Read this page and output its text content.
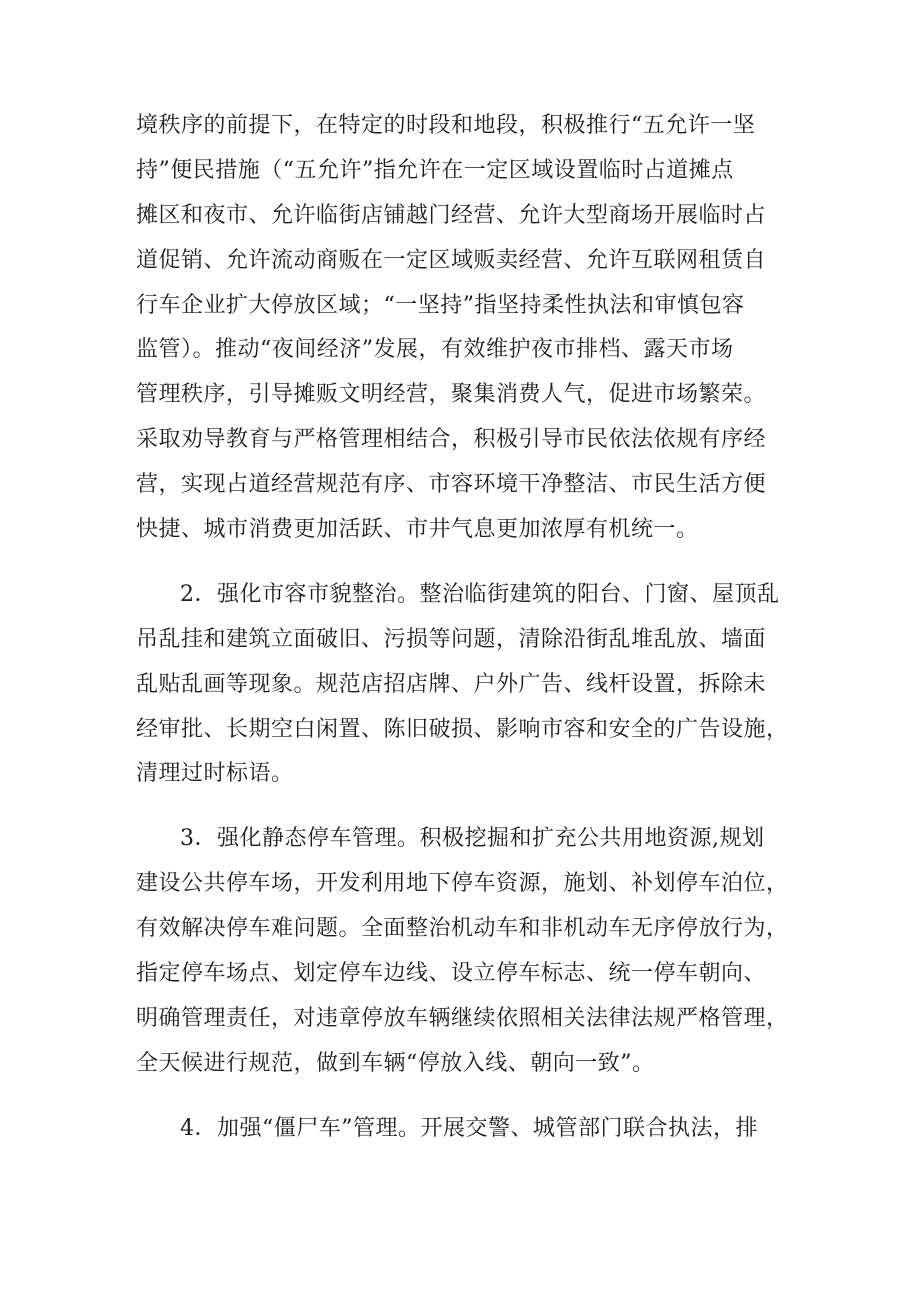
境秩序的前提下，在特定的时段和地段，积极推行“五允许一坚
持”便民措施（“五允许”指允许在一定区域设置临时占道摊点
摊区和夜市、允许临街店铺越门经营、允许大型商场开展临时占
道促销、允许流动商贩在一定区域贩卖经营、允许互联网租赁自
行车企业扩大停放区域；“一坚持”指坚持柔性执法和审慎包容
监管）。推动“夜间经济”发展，有效维护夜市排档、露天市场
管理秩序，引导摊贩文明经营，聚集消费人气，促进市场繁荣。
采取劝导教育与严格管理相结合，积极引导市民依法依规有序经
营，实现占道经营规范有序、市容环境干净整洁、市民生活方便
快捷、城市消费更加活跃、市井气息更加浓厚有机统一。
2．强化市容市貌整治。整治临街建筑的阳台、门窗、屋顶乱
吊乱挂和建筑立面破旧、污损等问题，清除沿街乱堆乱放、墙面
乱贴乱画等现象。规范店招店牌、户外广告、线杆设置，拆除未
经审批、长期空白闲置、陈旧破损、影响市容和安全的广告设施，
清理过时标语。
3．强化静态停车管理。积极挖掘和扩充公共用地资源,规划
建设公共停车场，开发利用地下停车资源，施划、补划停车泊位，
有效解决停车难问题。全面整治机动车和非机动车无序停放行为，
指定停车场点、划定停车边线、设立停车标志、统一停车朝向、
明确管理责任，对违章停放车辆继续依照相关法律法规严格管理，
全天候进行规范，做到车辆“停放入线、朝向一致”。
4．加强“僵尸车”管理。开展交警、城管部门联合执法，排
